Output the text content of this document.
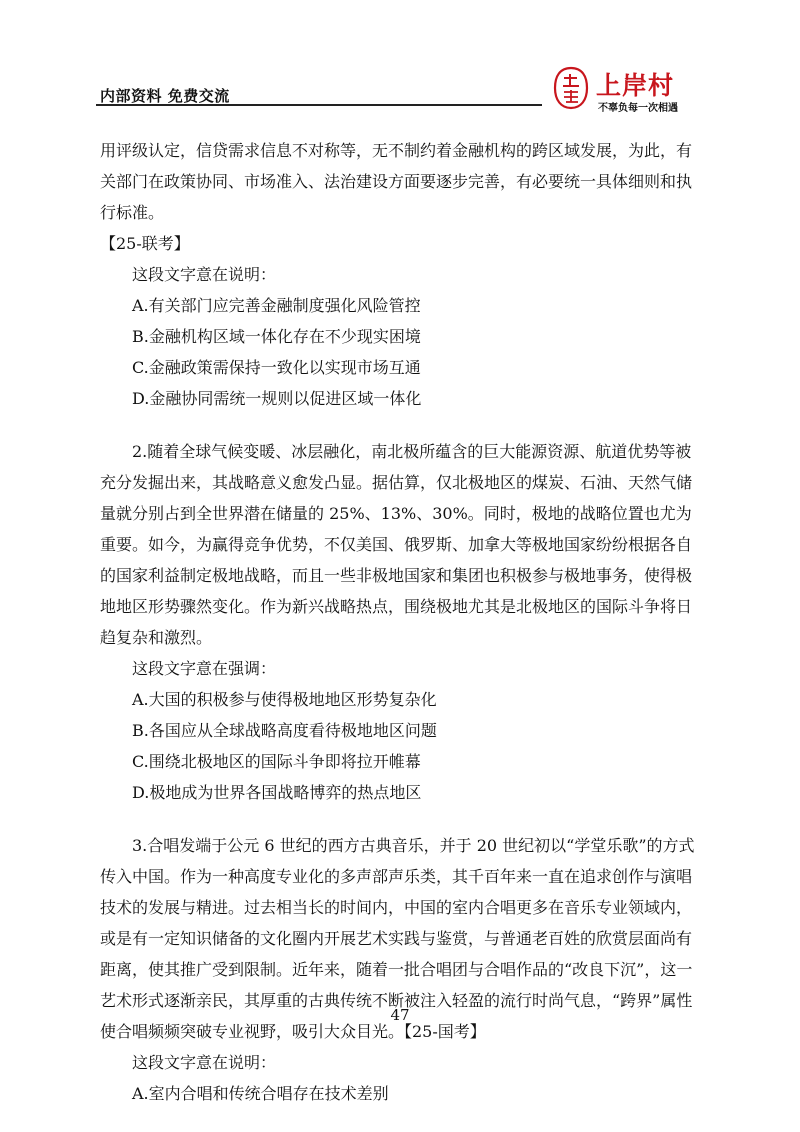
内部资料 免费交流	上岸村
不辜负每一次相遇

用评级认定，信贷需求信息不对称等，无不制约着金融机构的跨区域发展，为此，有关部门在政策协同、市场准入、法治建设方面要逐步完善，有必要统一具体细则和执行标准。

【25-联考】

这段文字意在说明：

A.有关部门应完善金融制度强化风险管控

B.金融机构区域一体化存在不少现实困境

C.金融政策需保持一致化以实现市场互通

D.金融协同需统一规则以促进区域一体化

2.随着全球气候变暖、冰层融化，南北极所蕴含的巨大能源资源、航道优势等被充分发掘出来，其战略意义愈发凸显。据估算，仅北极地区的煤炭、石油、天然气储量就分别占到全世界潜在储量的 25%、13%、30%。同时，极地的战略位置也尤为重要。如今，为赢得竞争优势，不仅美国、俄罗斯、加拿大等极地国家纷纷根据各自的国家利益制定极地战略，而且一些非极地国家和集团也积极参与极地事务，使得极地地区形势骤然变化。作为新兴战略热点，围绕极地尤其是北极地区的国际斗争将日趋复杂和激烈。

这段文字意在强调：

A.大国的积极参与使得极地地区形势复杂化

B.各国应从全球战略高度看待极地地区问题

C.围绕北极地区的国际斗争即将拉开帷幕

D.极地成为世界各国战略博弈的热点地区

3.合唱发端于公元 6 世纪的西方古典音乐，并于 20 世纪初以“学堂乐歌”的方式传入中国。作为一种高度专业化的多声部声乐类，其千百年来一直在追求创作与演唱技术的发展与精进。过去相当长的时间内，中国的室内合唱更多在音乐专业领域内，或是有一定知识储备的文化圈内开展艺术实践与鉴赏，与普通老百姓的欣赏层面尚有距离，使其推广受到限制。近年来，随着一批合唱团与合唱作品的“改良下沉”，这一艺术形式逐渐亲民，其厚重的古典传统不断被注入轻盈的流行时尚气息，“跨界”属性使合唱频频突破专业视野，吸引大众目光。【25-国考】

这段文字意在说明：

A.室内合唱和传统合唱存在技术差别

47
